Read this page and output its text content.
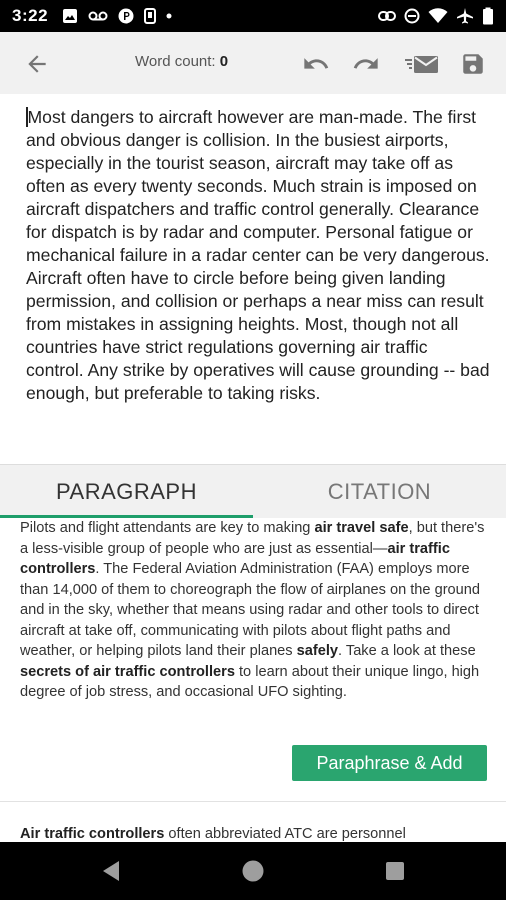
3:22
Word count: 0

Most dangers to aircraft however are man-made. The first and obvious danger is collision. In the busiest airports, especially in the tourist season, aircraft may take off as often as every twenty seconds. Much strain is imposed on aircraft dispatchers and traffic control generally. Clearance for dispatch is by radar and computer. Personal fatigue or mechanical failure in a radar center can be very dangerous. Aircraft often have to circle before being given landing permission, and collision or perhaps a near miss can result from mistakes in assigning heights. Most, though not all countries have strict regulations governing air traffic control. Any strike by operatives will cause grounding -- bad enough, but preferable to taking risks.

PARAGRAPH	CITATION

Pilots and flight attendants are key to making air travel safe, but there's a less-visible group of people who are just as essential—air traffic controllers. The Federal Aviation Administration (FAA) employs more than 14,000 of them to choreograph the flow of airplanes on the ground and in the sky, whether that means using radar and other tools to direct aircraft at take off, communicating with pilots about flight paths and weather, or helping pilots land their planes safely. Take a look at these secrets of air traffic controllers to learn about their unique lingo, high degree of job stress, and occasional UFO sighting.

Paraphrase & Add

Air traffic controllers often abbreviated ATC are personnel
